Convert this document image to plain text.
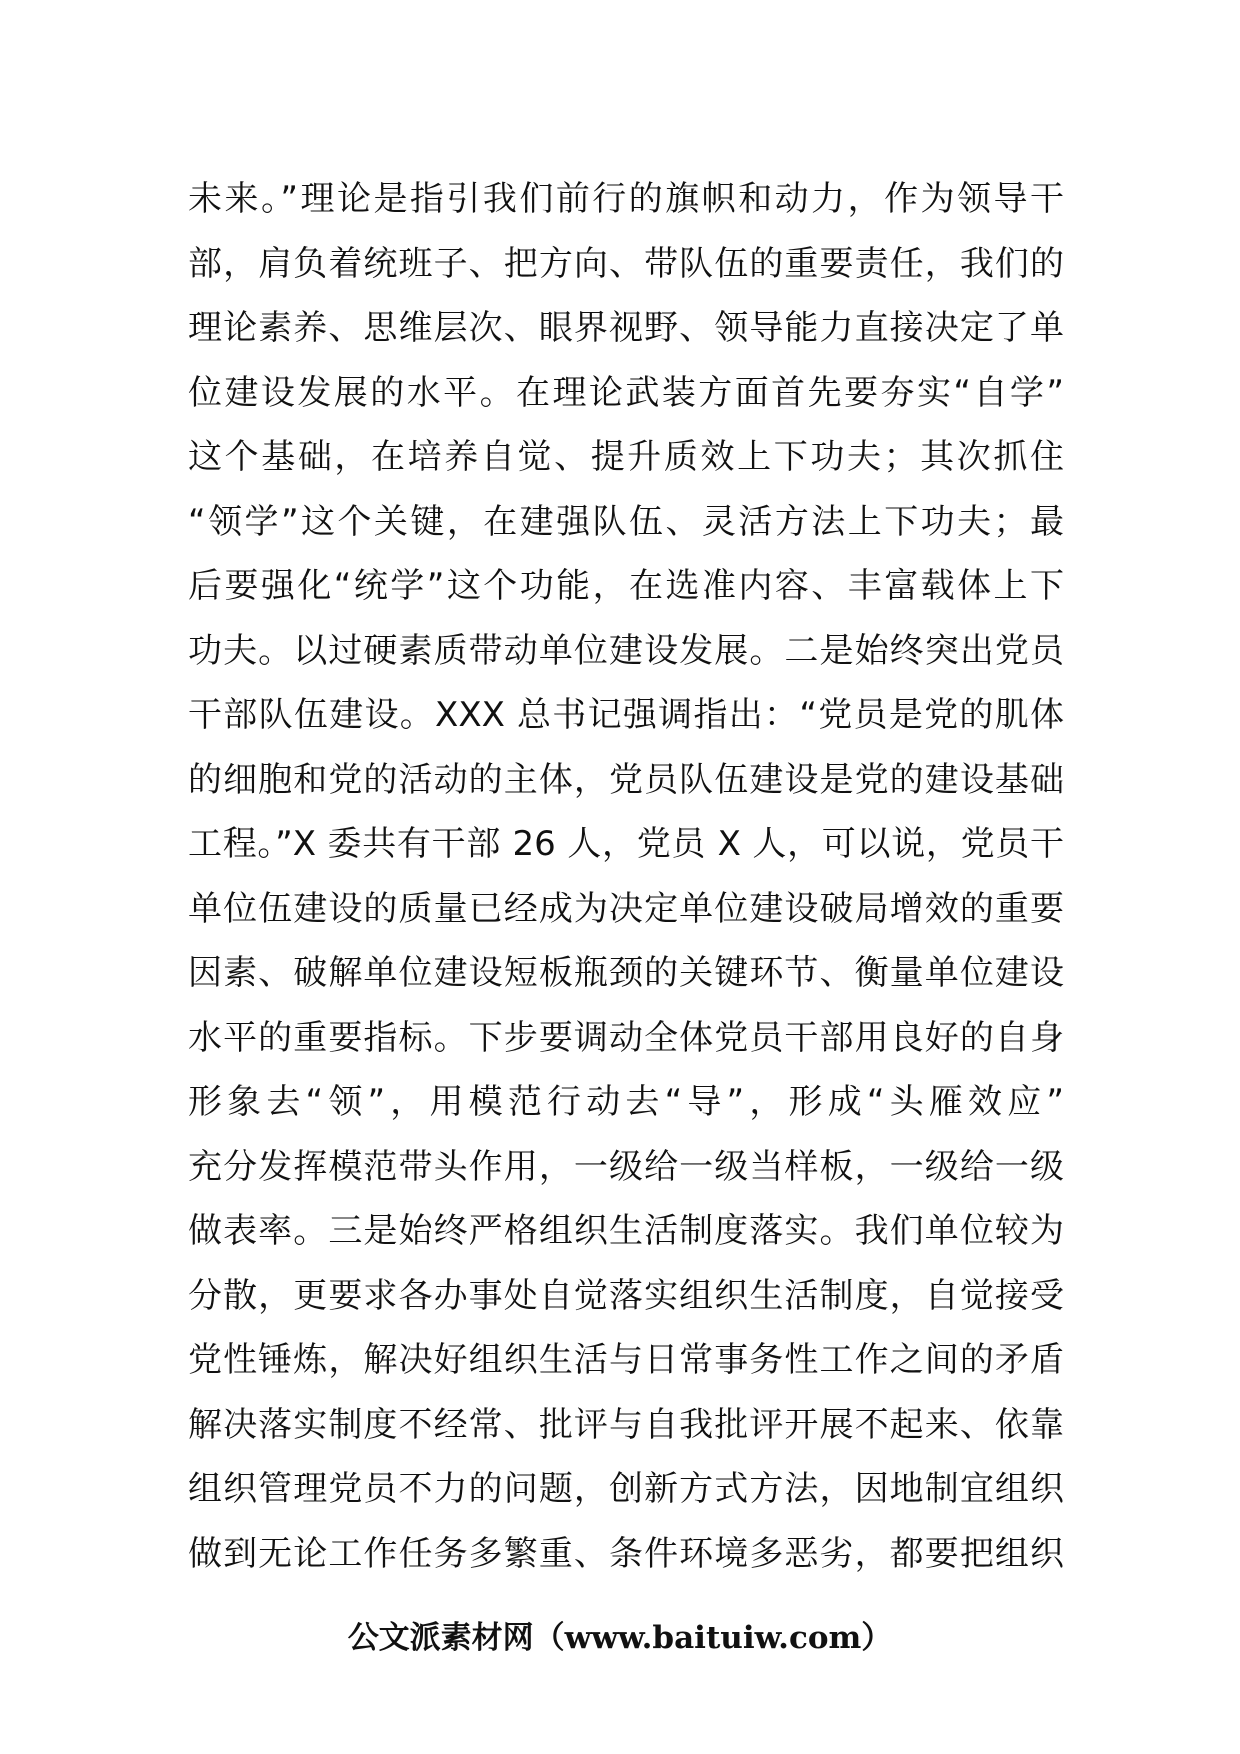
未来。”理论是指引我们前行的旗帜和动力，作为领导干
部，肩负着统班子、把方向、带队伍的重要责任，我们的
理论素养、思维层次、眼界视野、领导能力直接决定了单
位建设发展的水平。在理论武装方面首先要夯实“自学”
这个基础，在培养自觉、提升质效上下功夫；其次抓住
“领学”这个关键，在建强队伍、灵活方法上下功夫；最
后要强化“统学”这个功能，在选准内容、丰富载体上下
功夫。以过硬素质带动单位建设发展。二是始终突出党员
干部队伍建设。XXX 总书记强调指出：“党员是党的肌体
的细胞和党的活动的主体，党员队伍建设是党的建设基础
工程。”X 委共有干部 26 人，党员 X 人，可以说，党员干
单位伍建设的质量已经成为决定单位建设破局增效的重要
因素、破解单位建设短板瓶颈的关键环节、衡量单位建设
水平的重要指标。下步要调动全体党员干部用良好的自身
形象去“领”，用模范行动去“导”，形成“头雁效应”
充分发挥模范带头作用，一级给一级当样板，一级给一级
做表率。三是始终严格组织生活制度落实。我们单位较为
分散，更要求各办事处自觉落实组织生活制度，自觉接受
党性锤炼，解决好组织生活与日常事务性工作之间的矛盾
解决落实制度不经常、批评与自我批评开展不起来、依靠
组织管理党员不力的问题，创新方式方法，因地制宜组织
做到无论工作任务多繁重、条件环境多恶劣，都要把组织
公文派素材网（www.baituiw.com）
